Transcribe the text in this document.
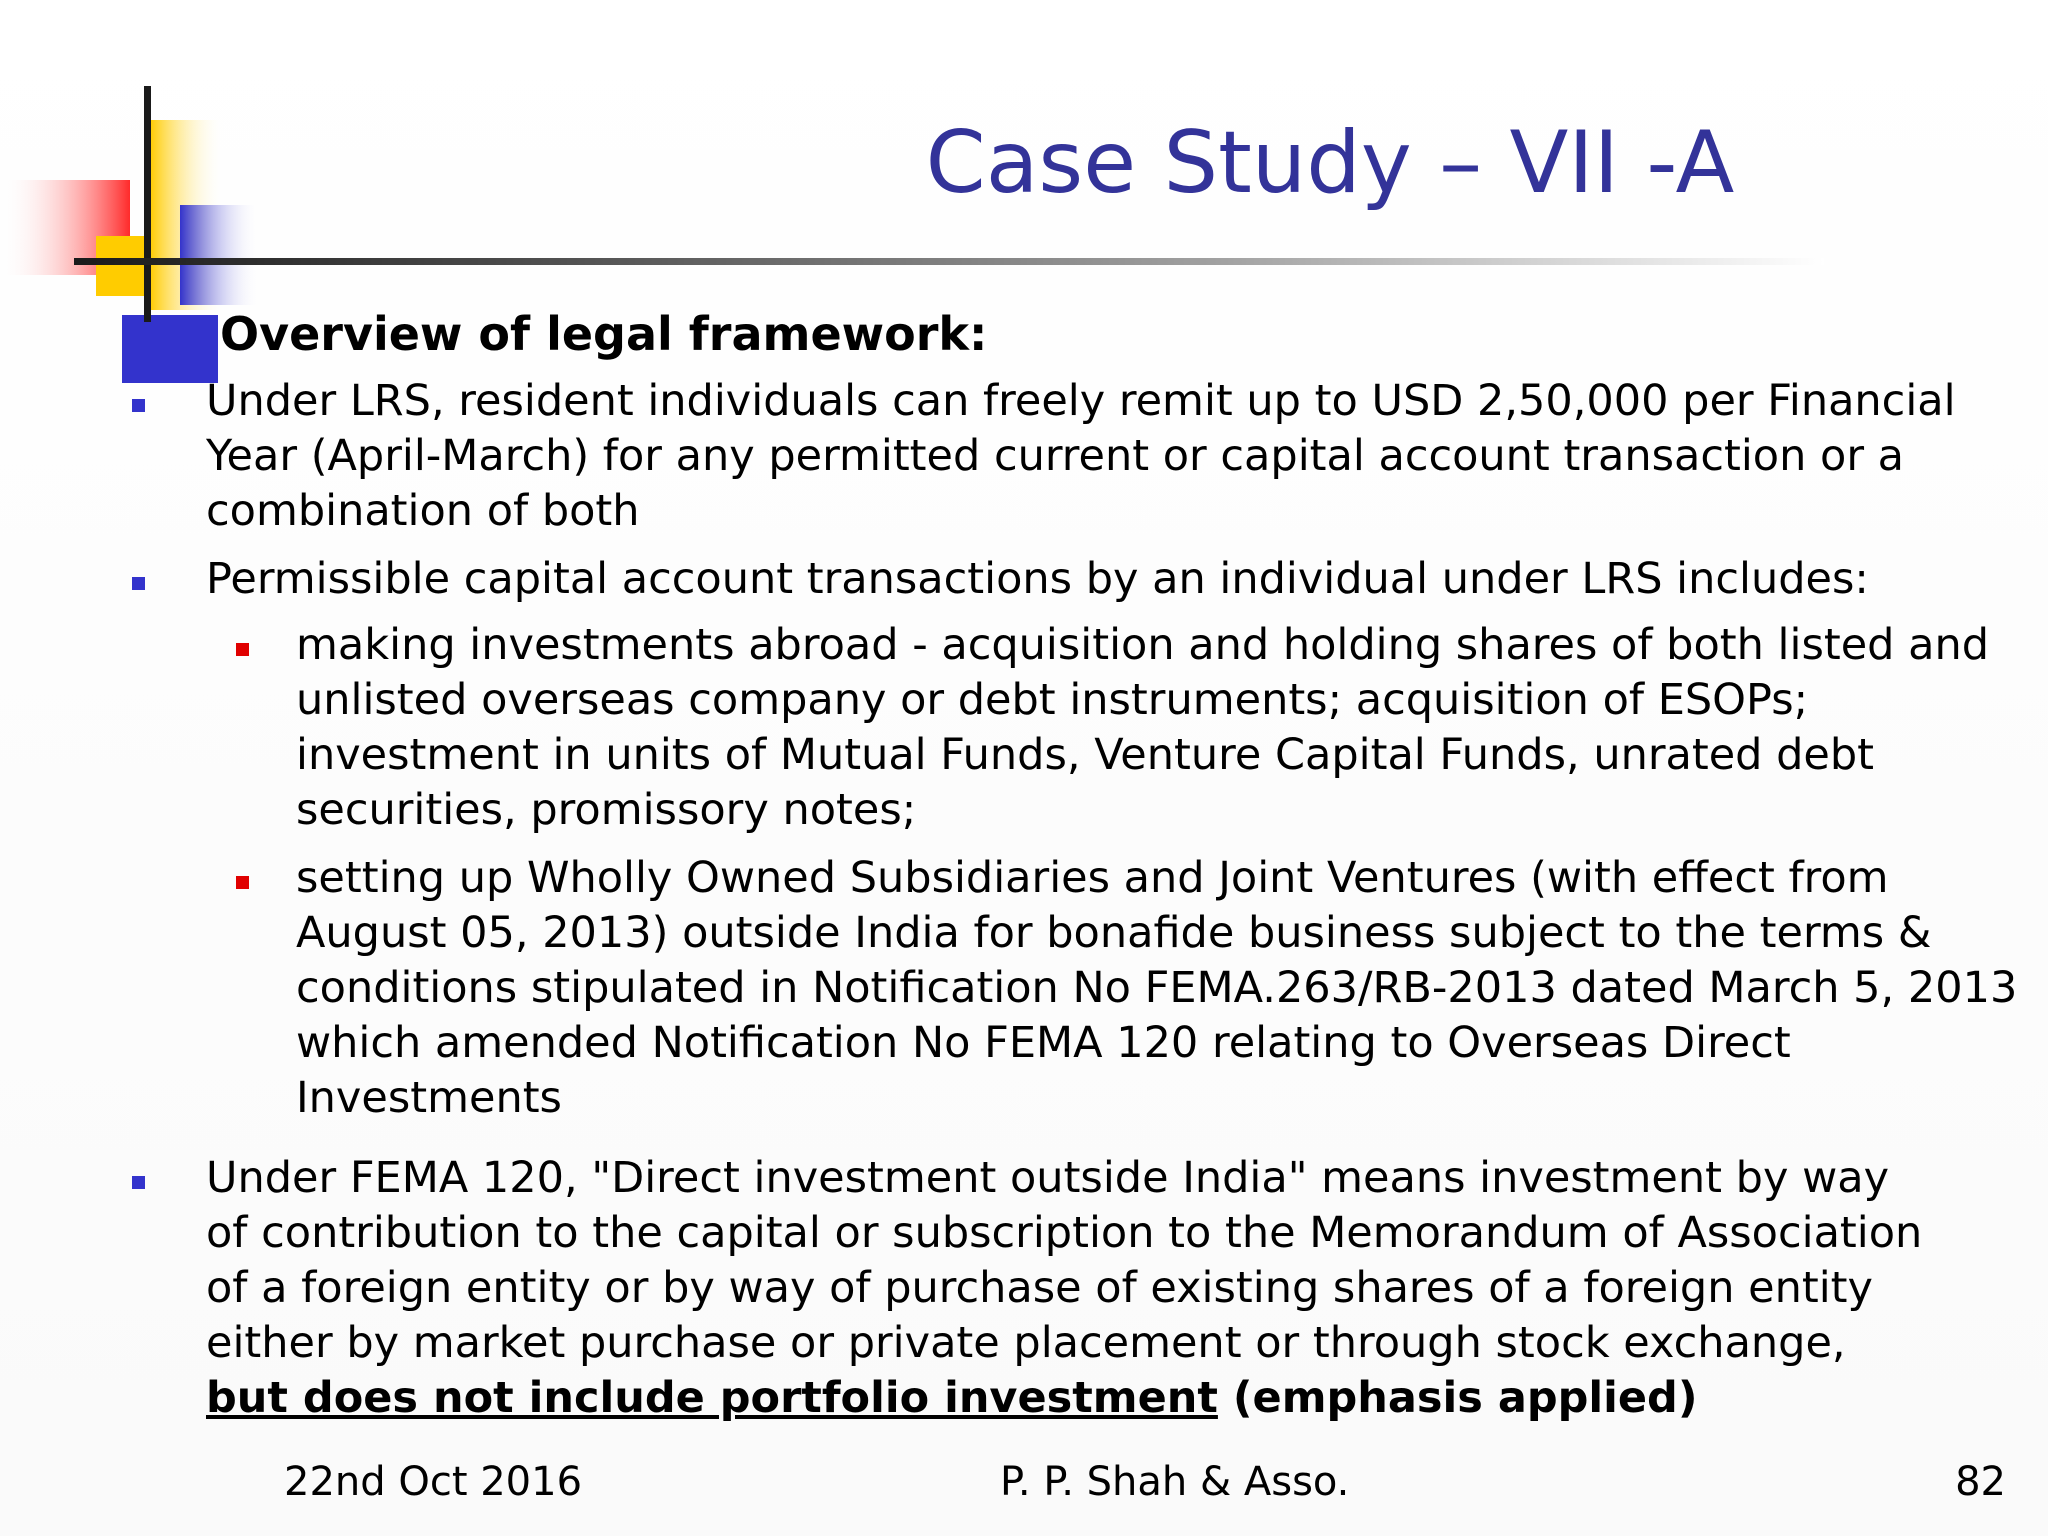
Case Study – VII -A
Overview of legal framework:
Under LRS, resident individuals can freely remit up to USD 2,50,000 per Financial Year (April-March) for any permitted current or capital account transaction or a combination of both
Permissible capital account transactions by an individual under LRS includes:
making investments abroad - acquisition and holding shares of both listed and unlisted overseas company or debt instruments; acquisition of ESOPs; investment in units of Mutual Funds, Venture Capital Funds, unrated debt securities, promissory notes;
setting up Wholly Owned Subsidiaries and Joint Ventures (with effect from August 05, 2013) outside India for bonafide business subject to the terms & conditions stipulated in Notification No FEMA.263/RB-2013 dated March 5, 2013 which amended Notification No FEMA 120 relating to Overseas Direct Investments
Under FEMA 120, "Direct investment outside India" means investment by way of contribution to the capital or subscription to the Memorandum of Association of a foreign entity or by way of purchase of existing shares of a foreign entity either by market purchase or private placement or through stock exchange, but does not include portfolio investment (emphasis applied)
22nd Oct 2016	P. P. Shah & Asso.	82
